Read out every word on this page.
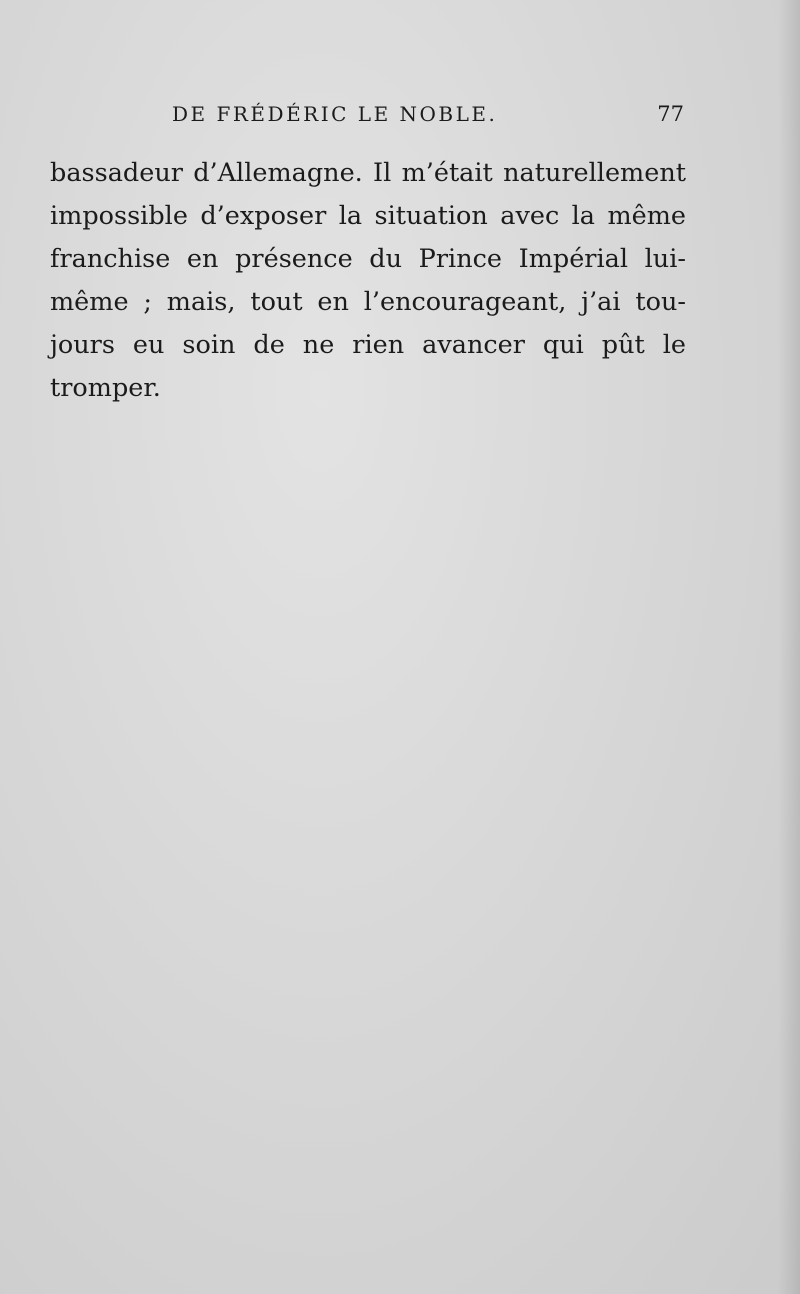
DE FRÉDÉRIC LE NOBLE.	77
bassadeur d’Allemagne. Il m’était naturellement
impossible d’exposer la situation avec la même
franchise en présence du Prince Impérial lui-
même ; mais, tout en l’encourageant, j’ai tou-
jours eu soin de ne rien avancer qui pût le
tromper.
